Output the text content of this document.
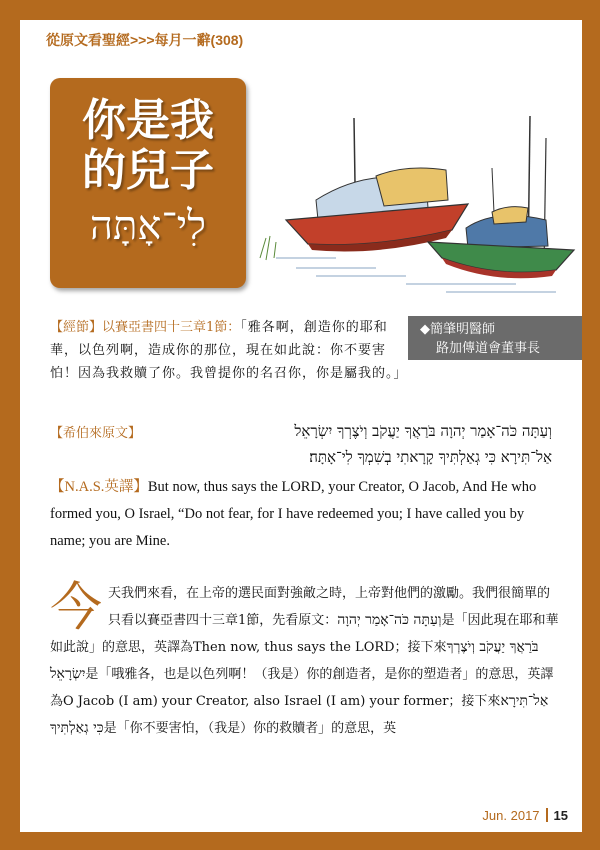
從原文看聖經>>>每月一辭(308)
你是我
的兒子
לִי־אָתָּה
◆簡肇明醫師
路加傳道會董事長
【經節】以賽亞書四十三章1節：「雅各啊，創造你的耶和華，以色列啊，造成你的那位，現在如此說：你不要害怕！因為我救贖了你。我曾提你的名召你，你是屬我的。」
【希伯來原文】	וְעַתָּה כֹּה־אָמַר יְהוָה בֹּרַאֲךָ יַעֲקֹב וְיֹצֶרְךָ יִשְׂרָאֵל
אַל־תִּירָא כִּי גְאַלְתִּיךָ קָרָאתִי בְשִׁמְךָ לִי־אָתָּה׃
【N.A.S.英譯】But now, thus says the LORD, your Creator, O Jacob, And He who formed you, O Israel, “Do not fear, for I have redeemed you; I have called you by name; you are Mine.
今天我們來看，在上帝的選民面對強敵之時，上帝對他們的激勵。我們很簡單的只看以賽亞書四十三章1節，先看原文：וְעַתָּה כֹּה־אָמַר יְהוָה是「因此現在耶和華如此說」的意思，英譯為Then now, thus says the LORD；接下來בֹּרַאֲךָ יַעֲקֹב וְיֹצֶרְךָ יִשְׂרָאֵל是「哦雅各，也是以色列啊！（我是）你的創造者，是你的塑造者」的意思，英譯為O Jacob (I am) your Creator, also Israel (I am) your former；接下來אַל־תִּירָא כִּי גְאַלְתִּיךָ是「你不要害怕，（我是）你的救贖者」的意思，英
Jun. 2017 15
